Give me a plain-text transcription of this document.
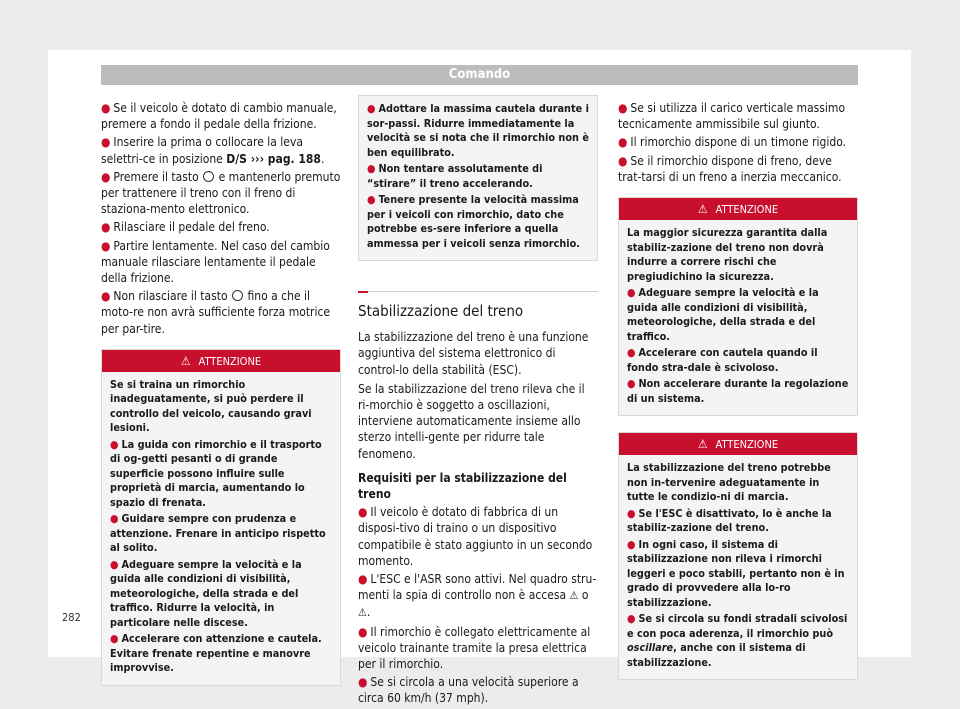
Comando
● Se il veicolo è dotato di cambio manuale, premere a fondo il pedale della frizione.
● Inserire la prima o collocare la leva selettri-ce in posizione D/S ››› pag. 188.
● Premere il tasto e mantenerlo premuto per trattenere il treno con il freno di staziona-mento elettronico.
● Rilasciare il pedale del freno.
● Partire lentamente. Nel caso del cambio manuale rilasciare lentamente il pedale della frizione.
● Non rilasciare il tasto fino a che il moto-re non avrà sufficiente forza motrice per par-tire.
⚠ ATTENZIONE
Se si traina un rimorchio inadeguatamente, si può perdere il controllo del veicolo, causando gravi lesioni.
● La guida con rimorchio e il trasporto di og-getti pesanti o di grande superficie possono influire sulle proprietà di marcia, aumentando lo spazio di frenata.
● Guidare sempre con prudenza e attenzione. Frenare in anticipo rispetto al solito.
● Adeguare sempre la velocità e la guida alle condizioni di visibilità, meteorologiche, della strada e del traffico. Ridurre la velocità, in particolare nelle discese.
● Accelerare con attenzione e cautela. Evitare frenate repentine e manovre improvvise.
● Adottare la massima cautela durante i sor-passi. Ridurre immediatamente la velocità se si nota che il rimorchio non è ben equilibrato.
● Non tentare assolutamente di “stirare” il treno accelerando.
● Tenere presente la velocità massima per i veicoli con rimorchio, dato che potrebbe es-sere inferiore a quella ammessa per i veicoli senza rimorchio.
Stabilizzazione del treno

La stabilizzazione del treno è una funzione aggiuntiva del sistema elettronico di control-lo della stabilità (ESC).

Se la stabilizzazione del treno rileva che il ri-morchio è soggetto a oscillazioni, interviene automaticamente insieme allo sterzo intelli-gente per ridurre tale fenomeno.

Requisiti per la stabilizzazione del treno
● Il veicolo è dotato di fabbrica di un disposi-tivo di traino o un dispositivo compatibile è stato aggiunto in un secondo momento.
● L'ESC e l'ASR sono attivi. Nel quadro stru-menti la spia di controllo non è accesa ⚠ o ⚠.
● Il rimorchio è collegato elettricamente al veicolo trainante tramite la presa elettrica per il rimorchio.
● Se si circola a una velocità superiore a circa 60 km/h (37 mph).
● Se si utilizza il carico verticale massimo tecnicamente ammissibile sul giunto.
● Il rimorchio dispone di un timone rigido.
● Se il rimorchio dispone di freno, deve trat-tarsi di un freno a inerzia meccanico.
⚠ ATTENZIONE
La maggior sicurezza garantita dalla stabiliz-zazione del treno non dovrà indurre a correre rischi che pregiudichino la sicurezza.
● Adeguare sempre la velocità e la guida alle condizioni di visibilità, meteorologiche, della strada e del traffico.
● Accelerare con cautela quando il fondo stra-dale è scivoloso.
● Non accelerare durante la regolazione di un sistema.
⚠ ATTENZIONE
La stabilizzazione del treno potrebbe non in-tervenire adeguatamente in tutte le condizio-ni di marcia.
● Se l'ESC è disattivato, lo è anche la stabiliz-zazione del treno.
● In ogni caso, il sistema di stabilizzazione non rileva i rimorchi leggeri e poco stabili, pertanto non è in grado di provvedere alla lo-ro stabilizzazione.
● Se si circola su fondi stradali scivolosi e con poca aderenza, il rimorchio può oscillare, anche con il sistema di stabilizzazione.
282
